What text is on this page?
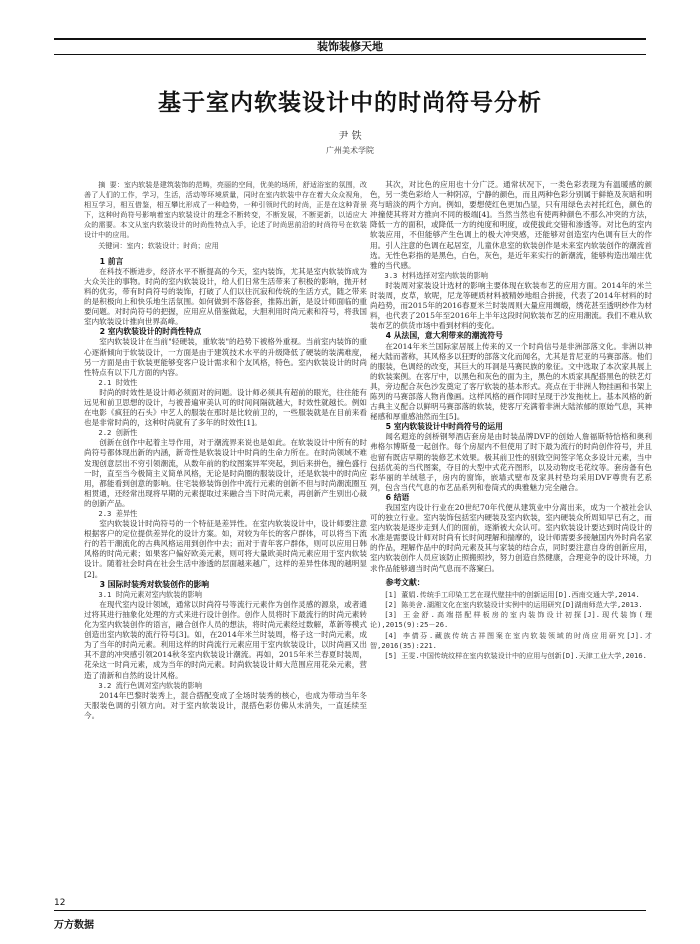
装饰装修天地
基于室内软装设计中的时尚符号分析
尹 铁
广州美术学院

摘 要：室内软装是建筑装饰的范畴，亮丽的空间，优美的场所，舒适浴室的氛围，改善了人们的工作，学习，生活，活动等环境质量，同时在室内软装中存在着大众众视角，相互学习，相互借鉴，相互攀比形成了一种趋势，一种引领时代的时尚，正是在这种背景下，这种时尚符号影响着室内软装设计的理念不断转变，不断发展，不断更新，以适应大众的需要。本文从室内软装设计的时尚性特点入手，论述了时尚思前沿的时尚符号在软装设计中的应用。

关键词：室内；软装设计；时尚；应用

1 前言

在科技不断进步，经济水平不断提高的今天，室内装饰，尤其是室内软装饰成为大众关注的事物。时尚的室内软装设计，给人们日常生活带来了积极的影响，抛开材料的优劣，带有时尚符号的装饰，打破了人们以往沉寂和传统的生活方式，随之带来的是积极向上和快乐地生活氛围。如何做到不落俗套，推陈出新，是设计师面临的重要问题。对时尚符号的把握，应用应从借鉴做起，大胆利用时尚元素和符号，将我国室内软装设计推向世界高峰。

2 室内软装设计的时尚性特点

室内软装设计在当前"轻硬装，重软装"的趋势下被格外重视。当前室内装饰的重心逐渐倾向于软装设计，一方面是由于建筑技术水平的升级降低了硬装的装满难度，另一方面是由于软装更能够变客户设计需求和个友风格，特色。室内软装设计的时尚性特点有以下几方面的内容。

2.1 时效性

时尚的时效性是设计师必须面对的问题。设计师必须具有超前的眼光，往往能有远见和前卫思想的设计，与被普遍审美认可的时间间隔就越大，时效性就越长。例如在电影《疯狂的石头》中艺人的服装在那时是比较前卫的，一些服装就是在目前来看也是非常时尚的，这种时尚就有了多年的时效性[1]。

2.2 创新性

创新在创作中起着主导作用，对于潮流界来说也是如此。在软装设计中所有的时尚符号都体现出新的内涵，新奇性是软装设计中时尚的生命力所在。在时尚领域不难发现创意层出不穷引领潮流，从数年前的豹纹图案异军突起，到后来拼色，撞色盛行一时，直至当今极简主义简单风格，无论是时尚圈的服装设计，还是软装中的时尚应用，都能看到创意的影响。住宅装修装饰创作中流行元素的创新不但与时尚潮流圈互相贯通，还经常出现将早期的元素提取过来融合当下时尚元素，再创新产生别出心裁的创新产品。

2.3 差异性

室内软装设计时尚符号的一个特征是差异性。在室内软装设计中，设计师要注意根据客户的定位提供差异化的设计方案。如，对较为年长的客户群体，可以将当下流行的若干潮流化的古典风格运用到创作中去；而对于青年客户群体，则可以应用日韩风格的时尚元素；如果客户偏好欧美元素，则可将大量欧美时尚元素应用于室内软装设计。随着社会时尚在社会生活中渗透的层面越来越广，这样的差异性体现的越明显[2]。

3 国际时装秀对软装创作的影响

3.1 时尚元素对室内软装的影响

在现代室内设计领域，通常以时尚符号等流行元素作为创作灵感的源泉，或者通过将其进行抽象化处理的方式来进行设计创作。创作人员将时下最流行的时尚元素转化为室内软装创作的语言，融合创作人员的想法，将时尚元素经过数解，革新等模式创造出室内软装的流行符号[3]。如，在2014年米兰时装周，格子这一时尚元素，成为了当年的时尚元素。利用这样的时尚流行元素应用于室内软装设计，以时尚画又出其不意的冲突感引领2014秋冬室内软装设计潮流。再如，2015年米兰春夏时装周，花朵这一时尚元素，成为当年的时尚元素。时尚软装设计师大范围应用花朵元素，营造了清新和自然的设计风格。

3.2 流行色调对室内软装的影响

2014年巴黎时装秀上，混合搭配变成了全场时装秀的核心，也成为带动当年冬天服装色调的引领方向。对于室内软装设计，混搭色彩仿佛从未消失，一直延续至今。

其次，对比色的应用也十分广泛。通常状况下，一类色彩表现为有温暖感的颜色，另一类色彩给人一种阴凉，宁静的颜色，而且两种色彩分别属于鲜艳及灰暗和明亮与暗淡的两个方向。例如，要想使红色更加凸显，只有用绿色去衬托红色，颜色的冲撞使其将对方推向不同的极端[4]。当然当然也有使两种颜色不那么冲突的方法，降低一方的面积，或降低一方的纯度和明度，或使拔此交错和渗透等。对比色的室内软装应用，不但能够产生色调上的极大冲突感，还能够对创造室内色调有巨大的作用。引人注意的色调在起居室，儿童休息室的软装创作是未来室内软装创作的潮流首选。无性色彩指的是黑色，白色，灰色，是近年来实行的新潮流，能够构造出端庄优雅的当代感。

3.3 材料选择对室内软装的影响

时装周对家装设计选材的影响主要体现在软装布艺的应用方面。2014年的米兰时装周，皮草，软呢，尼龙等硬质材料被精妙地组合拼接，代表了2014年材料的时尚趋势，而2015年的2016春夏米兰时装周则大量应用绸缎，绣花甚至透明纱作为材料，也代表了2015年至2016年上半年这段时间软装布艺的应用潮流。我们不难从软装布艺的供货市场中看到材料的变化。

4 从法国，意大利带来的潮流符号

在2014年米兰国际家居展上传来的又一个时尚信号是非洲部落文化。非洲以神秘大陆而著称，其风格多以狂野的部落文化而闻名，尤其是肯尼亚的马赛部落。他们的服装，色调经的改变，其巨大的耳洞是马赛民族的象征。文中选取了本次家具展上的软装案例。在客厅中，以黑色和灰色的面为主，黑色的木质家具配搭黑色的铁艺灯具，旁边配合灰色沙发奠定了客厅软装的基本形式。亮点在于非洲人物挂画和书架上陈列的马赛部落人物肖像画。这样风格的画作同时呈现于沙发拖枕上。基本风格的新古典主义配合以鲜明马赛部落的软装，使客厅充满着非洲大陆浓郁的原始气息，其神秘感和厚重感油然而生[5]。

5 室内软装设计中时尚符号的运用

闻名遐迩的剑桥钢琴酒店套房是由时装品牌DVF的创始人詹福斯特恰格和奥利弗格尔博斯曼一起创作。每个房屋内不但使用了时下最为流行的时尚创作符号，并且也留有既店早期的装修艺术效果。极其前卫性的别致空间签字笔众多设计元素，当中包括优美的当代图案，夺目的大型中式花卉图形，以及动物皮毛花纹等。套房备有色彩华丽的羊绒毯子，房内的窗饰，嵌墙式壁布及家具村垫均采用DVF尊贵有艺系列，包含当代气息的布艺品系列和卷筒式的典雅魅力完全融合。

6 结语

我国室内设计行业在20世纪70年代便从建筑业中分离出来，成为一个被社会认可的独立行业。室内装饰包括室内硬装及室内软装，室内硬装众所周知早已有之，而室内软装是逐步走到人们的面前，逐渐被大众认可。室内软装设计要达到时尚设计的水准是需要设计师对时尚有长时间理解和揣摩的，设计师需要多接触国内外时尚名家的作品，理解作品中的时尚元素及其与家装的结合点，同时要注意自身的创新应用，室内软装创作人员应该防止照搬照抄，努力创造自然健康，合理竞争的设计环境，力求作品能够適当时尚气息而不落窠臼。

参考文献：

[1] 董娟.传统手工印染工艺在现代壁挂中的创新运用[D].西南交通大学,2014.

[2] 陈美舍.湖湘文化在室内软装设计实例中的运用研究[D]湖南师范大学,2013.

[3] 王金舒.高端搭配样板房的室内装饰设计初探[J].现代装饰(理论),2015(9):25－26.

[4] 李倩芬.藏族传统古祥图案在室内软装领域的时尚应用研究[J].才智,2016(35):221.

[5] 王雯.中国传统纹样在室内软装设计中的应用与创新[D].天津工业大学,2016.

12
万方数据
